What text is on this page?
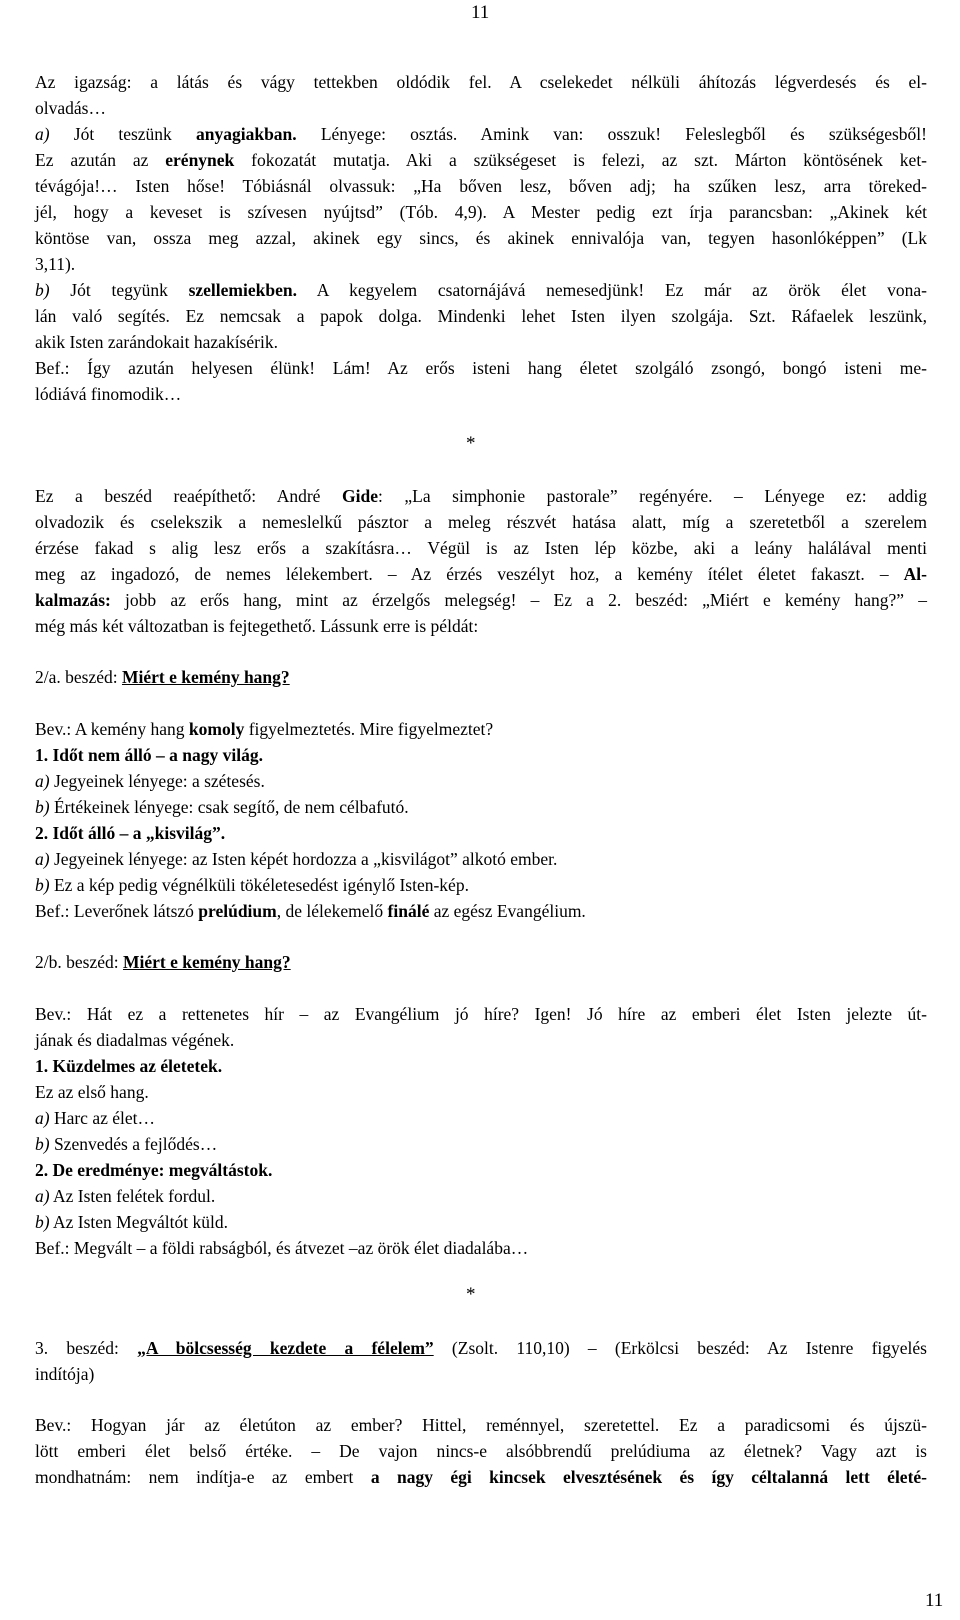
11
Az igazság: a látás és vágy tettekben oldódik fel. A cselekedet nélküli áhítozás légverdesés és el-
olvadás…
a) Jót teszünk anyagiakban. Lényege: osztás. Amink van: osszuk! Feleslegből és szükségesből!
Ez azután az erénynek fokozatát mutatja. Aki a szükségeset is felezi, az szt. Márton köntösének ket-
tévágója!… Isten hőse! Tóbiásnál olvassuk: „Ha bőven lesz, bőven adj; ha szűken lesz, arra töreked-
jél, hogy a keveset is szívesen nyújtsd” (Tób. 4,9). A Mester pedig ezt írja parancsban: „Akinek két
köntöse van, ossza meg azzal, akinek egy sincs, és akinek ennivalója van, tegyen hasonlóképpen” (Lk
3,11).
b) Jót tegyünk szellemiekben. A kegyelem csatornájává nemesedjünk! Ez már az örök élet vona-
lán való segítés. Ez nemcsak a papok dolga. Mindenki lehet Isten ilyen szolgája. Szt. Ráfaelek leszünk,
akik Isten zarándokait hazakísérik.
Bef.: Így azután helyesen élünk! Lám! Az erős isteni hang életet szolgáló zsongó, bongó isteni me-
lódiává finomodik…
*
Ez a beszéd reaépíthető: André Gide: „La simphonie pastorale” regényére. – Lényege ez: addig
olvadozik és cselekszik a nemeslelkű pásztor a meleg részvét hatása alatt, míg a szeretetből a szerelem
érzése fakad s alig lesz erős a szakításra… Végül is az Isten lép közbe, aki a leány halálával menti
meg az ingadozó, de nemes lélekembert. – Az érzés veszélyt hoz, a kemény ítélet életet fakaszt. – Al-
kalmazás: jobb az erős hang, mint az érzelgős melegség! – Ez a 2. beszéd: „Miért e kemény hang?” –
még más két változatban is fejtegethető. Lássunk erre is példát:
2/a. beszéd: Miért e kemény hang?
Bev.: A kemény hang komoly figyelmeztetés. Mire figyelmeztet?
1. Időt nem álló – a nagy világ.
a) Jegyeinek lényege: a szétesés.
b) Értékeinek lényege: csak segítő, de nem célbafutó.
2. Időt álló – a „kisvilág”.
a) Jegyeinek lényege: az Isten képét hordozza a „kisvilágot” alkotó ember.
b) Ez a kép pedig végnélküli tökéletesedést igénylő Isten-kép.
Bef.: Leverőnek látszó prelúdium, de lélekemelő finálé az egész Evangélium.
2/b. beszéd: Miért e kemény hang?
Bev.: Hát ez a rettenetes hír – az Evangélium jó híre? Igen! Jó híre az emberi élet Isten jelezte út-
jának és diadalmas végének.
1. Küzdelmes az életetek.
Ez az első hang.
a) Harc az élet…
b) Szenvedés a fejlődés…
2. De eredménye: megváltástok.
a) Az Isten felétek fordul.
b) Az Isten Megváltót küld.
Bef.: Megvált – a földi rabságból, és átvezet –az örök élet diadalába…
*
3. beszéd: „A bölcsesség kezdete a félelem” (Zsolt. 110,10) – (Erkölcsi beszéd: Az Istenre figyelés
indítója)
Bev.: Hogyan jár az életúton az ember? Hittel, reménnyel, szeretettel. Ez a paradicsomi és újszü-
lött emberi élet belső értéke. – De vajon nincs-e alsóbbrendű prelúdiuma az életnek? Vagy azt is
mondhatnám: nem indítja-e az embert a nagy égi kincsek elvesztésének és így céltalanná lett életé-
11
